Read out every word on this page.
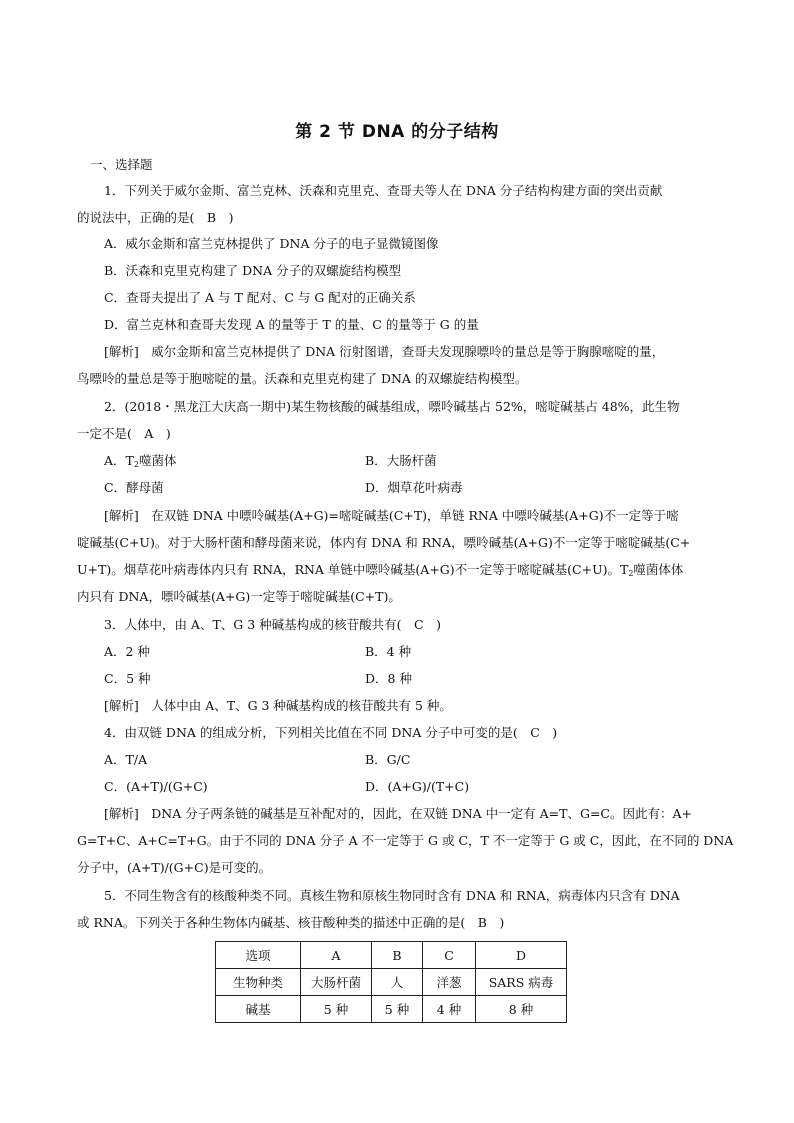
第 2 节 DNA 的分子结构
一、选择题
1．下列关于威尔金斯、富兰克林、沃森和克里克、查哥夫等人在 DNA 分子结构构建方面的突出贡献
的说法中，正确的是(　B　)
A．威尔金斯和富兰克林提供了 DNA 分子的电子显微镜图像
B．沃森和克里克构建了 DNA 分子的双螺旋结构模型
C．查哥夫提出了 A 与 T 配对、C 与 G 配对的正确关系
D．富兰克林和查哥夫发现 A 的量等于 T 的量、C 的量等于 G 的量
[解析]　威尔金斯和富兰克林提供了 DNA 衍射图谱，查哥夫发现腺嘌呤的量总是等于胸腺嘧啶的量，
鸟嘌呤的量总是等于胞嘧啶的量。沃森和克里克构建了 DNA 的双螺旋结构模型。
2．(2018・黑龙江大庆高一期中)某生物核酸的碱基组成，嘌呤碱基占 52%，嘧啶碱基占 48%，此生物
一定不是(　A　)
A．$T_2$噬菌体	B．大肠杆菌
C．酵母菌	D．烟草花叶病毒
[解析]　在双链 DNA 中嘌呤碱基(A+G)=嘧啶碱基(C+T)，单链 RNA 中嘌呤碱基(A+G)不一定等于嘧
啶碱基(C+U)。对于大肠杆菌和酵母菌来说，体内有 DNA 和 RNA，嘌呤碱基(A+G)不一定等于嘧啶碱基(C+
U+T)。烟草花叶病毒体内只有 RNA，RNA 单链中嘌呤碱基(A+G)不一定等于嘧啶碱基(C+U)。$T_2$噬菌体体
内只有 DNA，嘌呤碱基(A+G)一定等于嘧啶碱基(C+T)。
3．人体中，由 A、T、G 3 种碱基构成的核苷酸共有(　C　)
A．2 种	B．4 种
C．5 种	D．8 种
[解析]　人体中由 A、T、G 3 种碱基构成的核苷酸共有 5 种。
4．由双链 DNA 的组成分析，下列相关比值在不同 DNA 分子中可变的是(　C　)
A．T/A	B．G/C
C．(A+T)/(G+C)	D．(A+G)/(T+C)
[解析]　DNA 分子两条链的碱基是互补配对的，因此，在双链 DNA 中一定有 A=T、G=C。因此有：A+
G=T+C、A+C=T+G。由于不同的 DNA 分子 A 不一定等于 G 或 C，T 不一定等于 G 或 C，因此，在不同的 DNA
分子中，(A+T)/(G+C)是可变的。
5．不同生物含有的核酸种类不同。真核生物和原核生物同时含有 DNA 和 RNA，病毒体内只含有 DNA
或 RNA。下列关于各种生物体内碱基、核苷酸种类的描述中正确的是(　B　)
选项	A	B	C	D
生物种类	大肠杆菌	人	洋葱	SARS 病毒
碱基	5 种	5 种	4 种	8 种
